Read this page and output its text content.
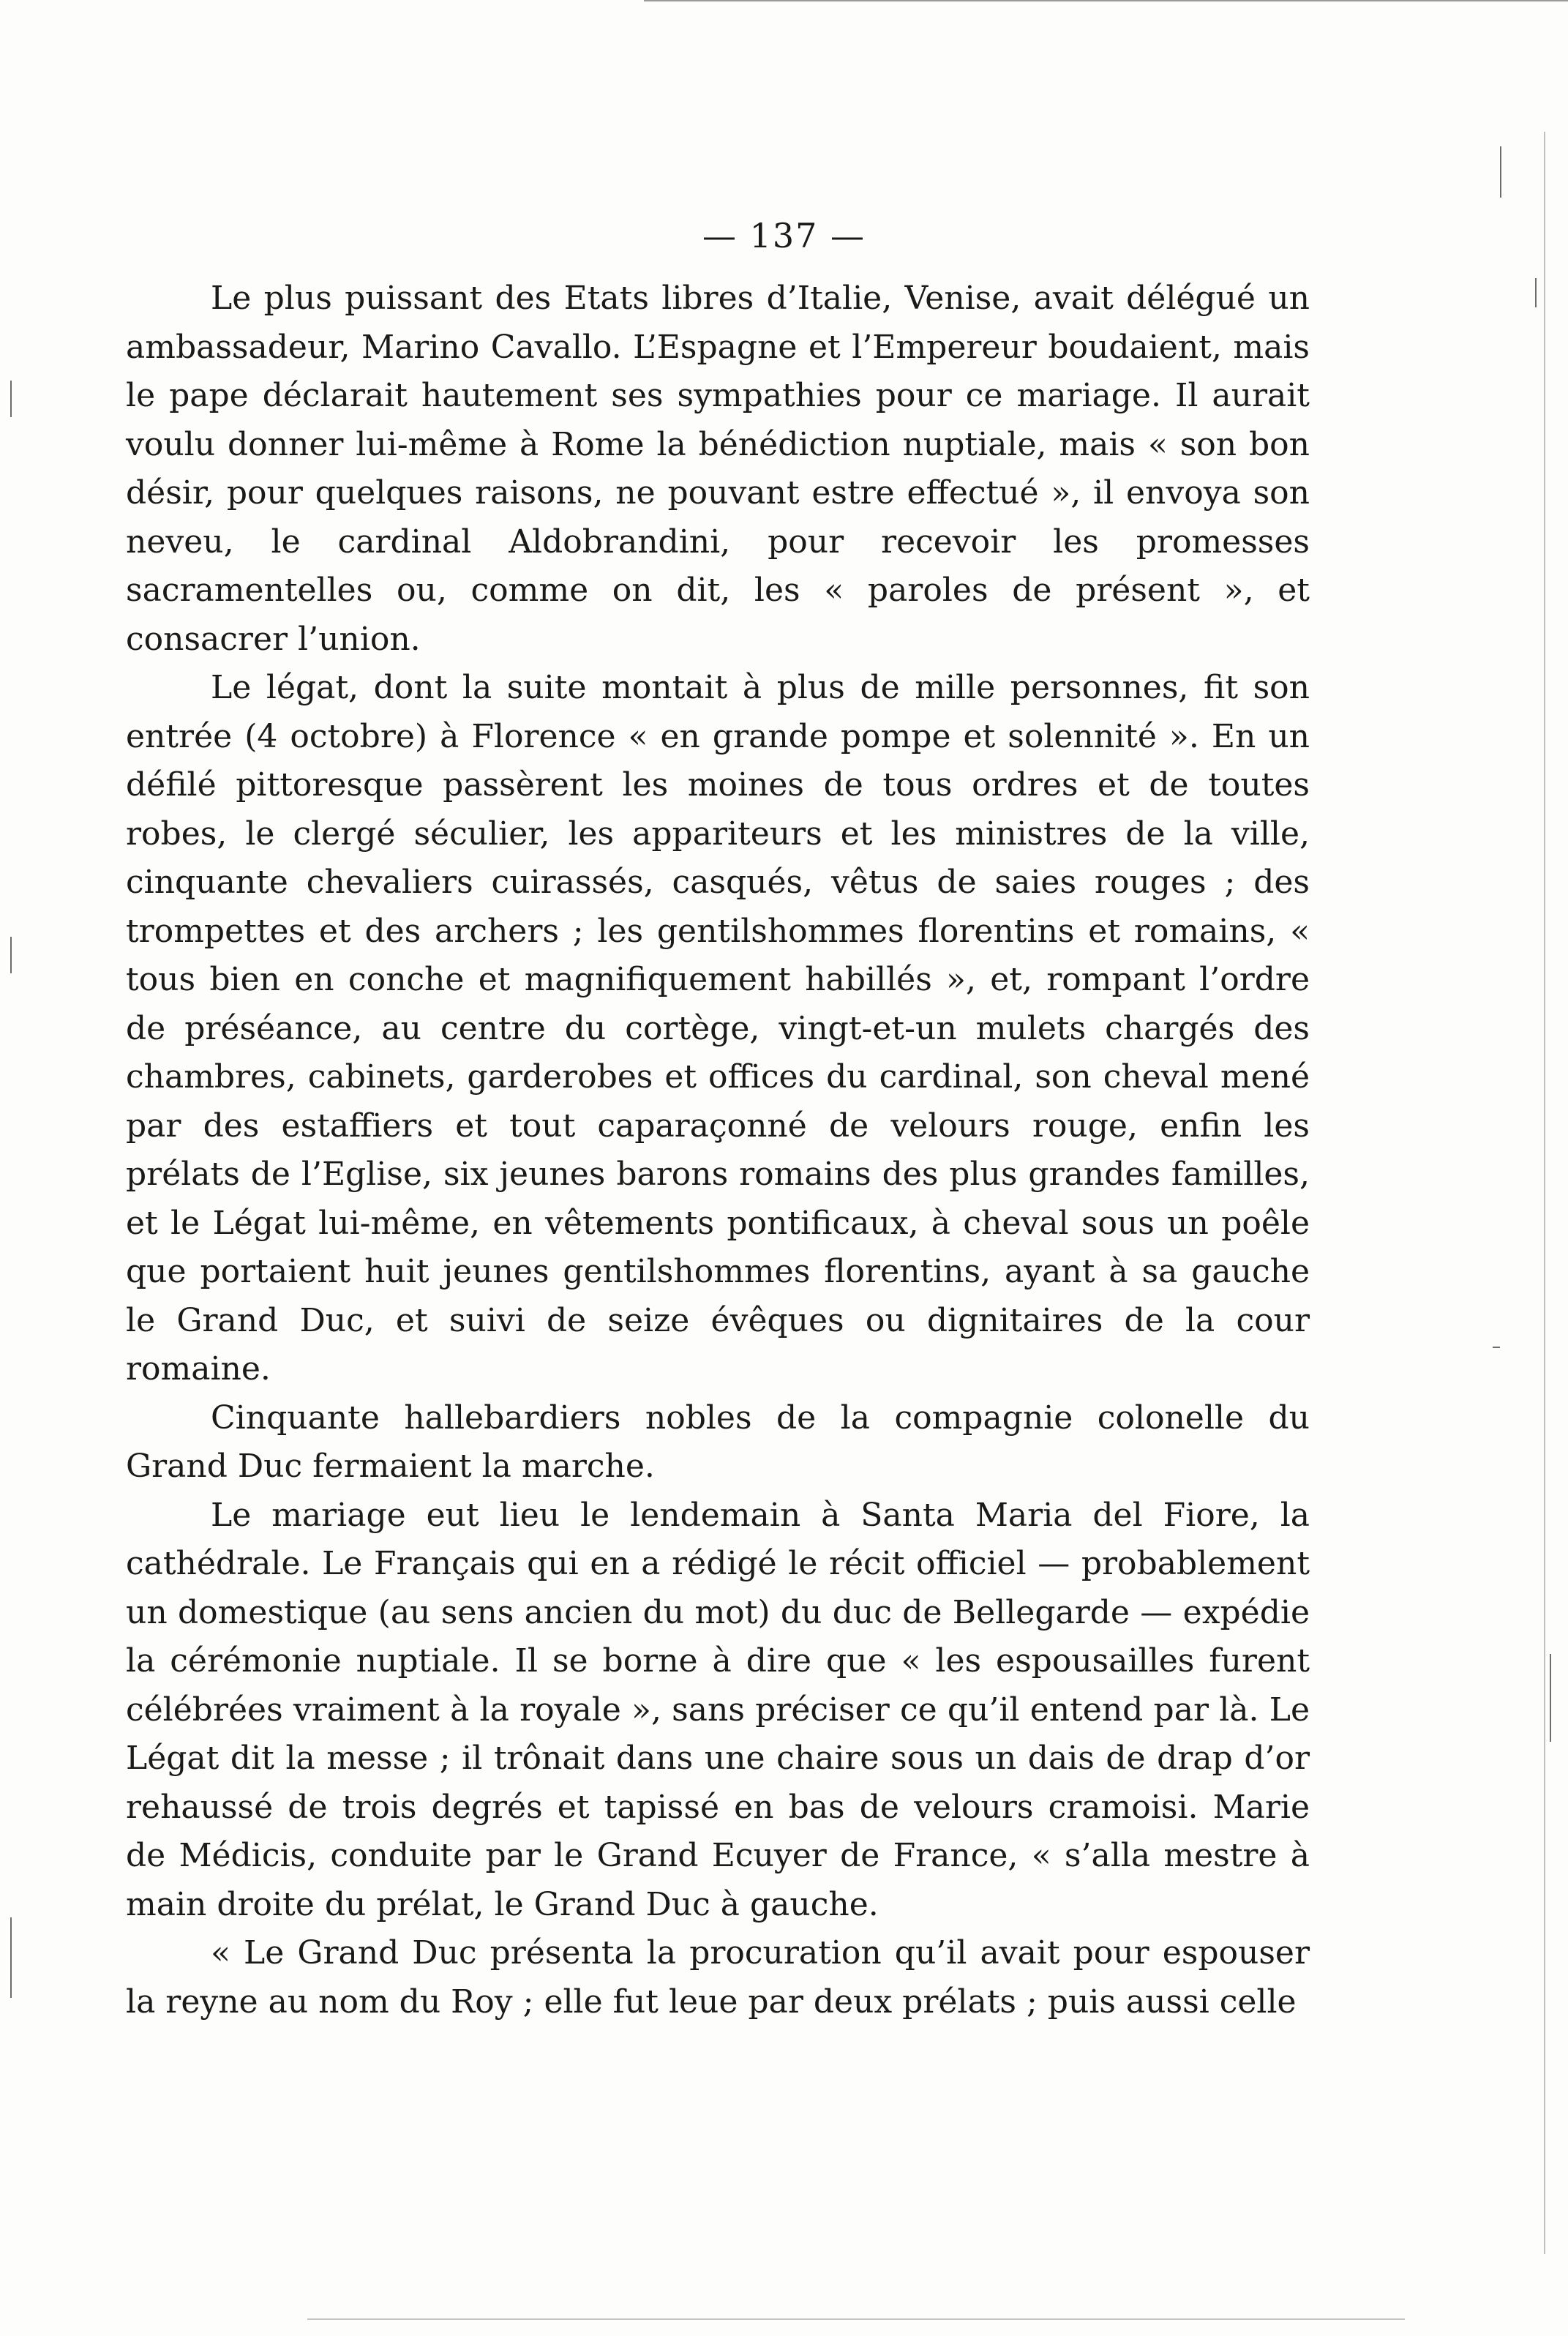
— 137 —

Le plus puissant des Etats libres d’Italie, Venise, avait délégué un ambassadeur, Marino Cavallo. L’Espagne et l’Empereur boudaient, mais le pape déclarait hautement ses sympathies pour ce mariage. Il aurait voulu donner lui-même à Rome la bénédiction nuptiale, mais « son bon désir, pour quelques raisons, ne pouvant estre effectué », il envoya son neveu, le cardinal Aldobrandini, pour recevoir les promesses sacramentelles ou, comme on dit, les « paroles de présent », et consacrer l’union.

Le légat, dont la suite montait à plus de mille personnes, fit son entrée (4 octobre) à Florence « en grande pompe et solennité ». En un défilé pittoresque passèrent les moines de tous ordres et de toutes robes, le clergé séculier, les appariteurs et les ministres de la ville, cinquante chevaliers cuirassés, casqués, vêtus de saies rouges ; des trompettes et des archers ; les gentilshommes florentins et romains, « tous bien en conche et magnifiquement habillés », et, rompant l’ordre de préséance, au centre du cortège, vingt-et-un mulets chargés des chambres, cabinets, garderobes et offices du cardinal, son cheval mené par des estaffiers et tout caparaçonné de velours rouge, enfin les prélats de l’Eglise, six jeunes barons romains des plus grandes familles, et le Légat lui-même, en vêtements pontificaux, à cheval sous un poêle que portaient huit jeunes gentilshommes florentins, ayant à sa gauche le Grand Duc, et suivi de seize évêques ou dignitaires de la cour romaine.

Cinquante hallebardiers nobles de la compagnie colonelle du Grand Duc fermaient la marche.

Le mariage eut lieu le lendemain à Santa Maria del Fiore, la cathédrale. Le Français qui en a rédigé le récit officiel — probablement un domestique (au sens ancien du mot) du duc de Bellegarde — expédie la cérémonie nuptiale. Il se borne à dire que « les espousailles furent célébrées vraiment à la royale », sans préciser ce qu’il entend par là. Le Légat dit la messe ; il trônait dans une chaire sous un dais de drap d’or rehaussé de trois degrés et tapissé en bas de velours cramoisi. Marie de Médicis, conduite par le Grand Ecuyer de France, « s’alla mestre à main droite du prélat, le Grand Duc à gauche.

« Le Grand Duc présenta la procuration qu’il avait pour espouser la reyne au nom du Roy ; elle fut leue par deux prélats ; puis aussi celle
